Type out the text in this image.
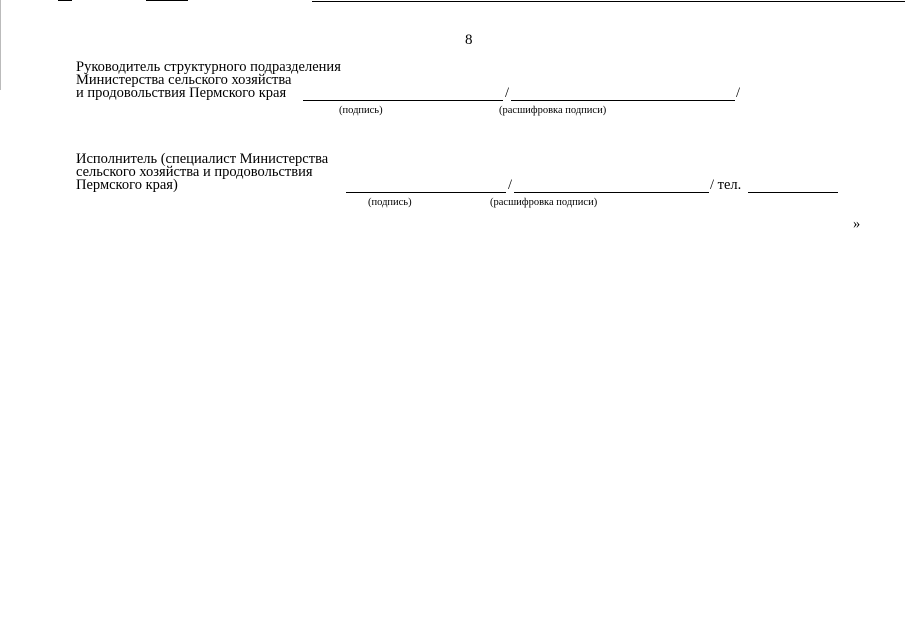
8
Руководитель структурного подразделения
Министерства сельского хозяйства
и продовольствия Пермского края	/	/
(подпись)	(расшифровка подписи)
Исполнитель (специалист Министерства
сельского хозяйства и продовольствия
Пермского края)	/	/ тел.
(подпись)	(расшифровка подписи)
»
